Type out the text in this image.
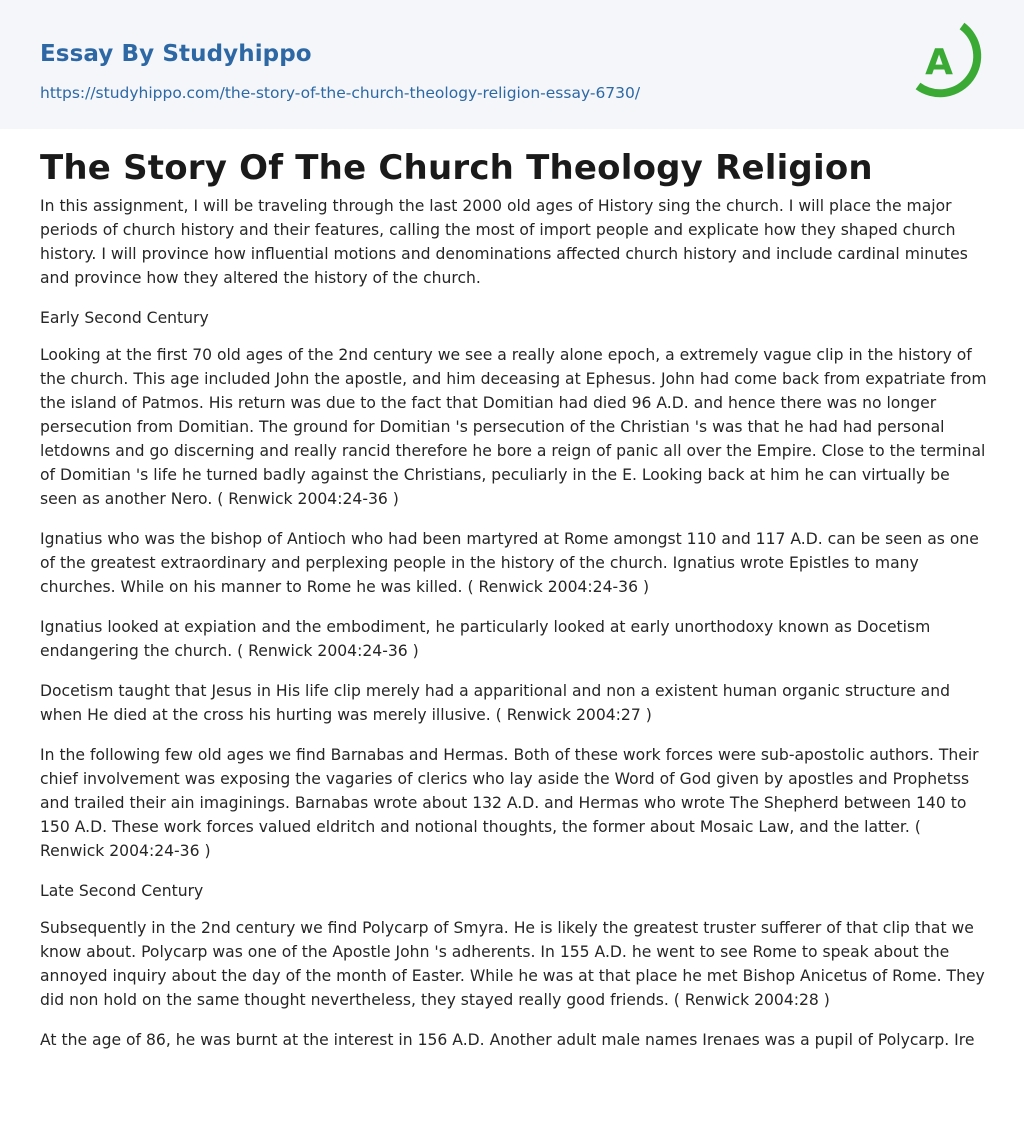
Essay By Studyhippo
https://studyhippo.com/the-story-of-the-church-theology-religion-essay-6730/
A
The Story Of The Church Theology Religion

In this assignment, I will be traveling through the last 2000 old ages of History sing the church. I will place the major periods of church history and their features, calling the most of import people and explicate how they shaped church history. I will province how influential motions and denominations affected church history and include cardinal minutes and province how they altered the history of the church.

Early Second Century

Looking at the first 70 old ages of the 2nd century we see a really alone epoch, a extremely vague clip in the history of the church. This age included John the apostle, and him deceasing at Ephesus. John had come back from expatriate from the island of Patmos. His return was due to the fact that Domitian had died 96 A.D. and hence there was no longer persecution from Domitian. The ground for Domitian 's persecution of the Christian 's was that he had had personal letdowns and go discerning and really rancid therefore he bore a reign of panic all over the Empire. Close to the terminal of Domitian 's life he turned badly against the Christians, peculiarly in the E. Looking back at him he can virtually be seen as another Nero. ( Renwick 2004:24-36 )

Ignatius who was the bishop of Antioch who had been martyred at Rome amongst 110 and 117 A.D. can be seen as one of the greatest extraordinary and perplexing people in the history of the church. Ignatius wrote Epistles to many churches. While on his manner to Rome he was killed. ( Renwick 2004:24-36 )

Ignatius looked at expiation and the embodiment, he particularly looked at early unorthodoxy known as Docetism endangering the church. ( Renwick 2004:24-36 )

Docetism taught that Jesus in His life clip merely had a apparitional and non a existent human organic structure and when He died at the cross his hurting was merely illusive. ( Renwick 2004:27 )

In the following few old ages we find Barnabas and Hermas. Both of these work forces were sub-apostolic authors. Their chief involvement was exposing the vagaries of clerics who lay aside the Word of God given by apostles and Prophetss and trailed their ain imaginings. Barnabas wrote about 132 A.D. and Hermas who wrote The Shepherd between 140 to 150 A.D. These work forces valued eldritch and notional thoughts, the former about Mosaic Law, and the latter. ( Renwick 2004:24-36 )

Late Second Century

Subsequently in the 2nd century we find Polycarp of Smyra. He is likely the greatest truster sufferer of that clip that we know about. Polycarp was one of the Apostle John 's adherents. In 155 A.D. he went to see Rome to speak about the annoyed inquiry about the day of the month of Easter. While he was at that place he met Bishop Anicetus of Rome. They did non hold on the same thought nevertheless, they stayed really good friends. ( Renwick 2004:28 )

At the age of 86, he was burnt at the interest in 156 A.D. Another adult male names Irenaes was a pupil of Polycarp. Ire
